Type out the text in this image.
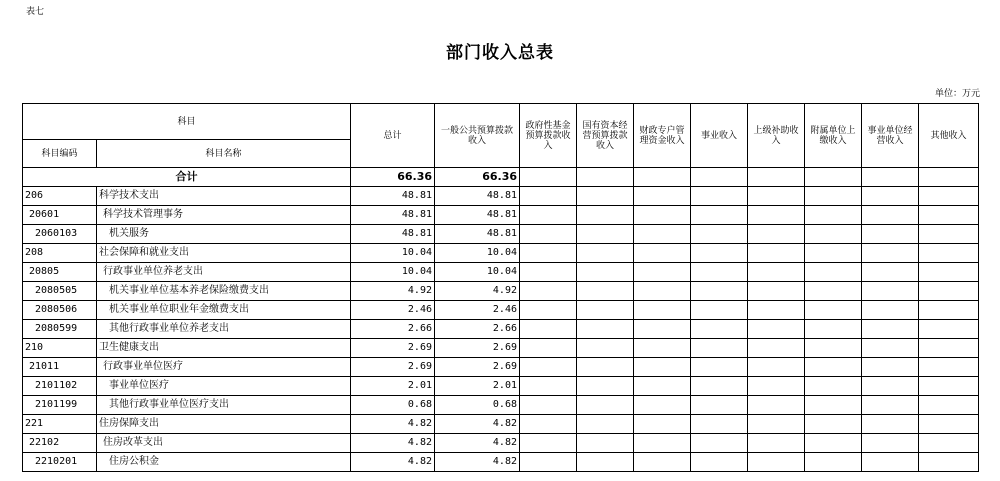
表七
部门收入总表
单位：万元
科目		总计	一般公共预算拨款收入	政府性基金预算拨款收入	国有资本经营预算拨款收入	财政专户管理资金收入	事业收入	上级补助收入	附属单位上缴收入	事业单位经营收入	其他收入
科目编码	科目名称										
合计		66.36	66.36								
206	科学技术支出	48.81	48.81								
20601	科学技术管理事务	48.81	48.81								
2060103	机关服务	48.81	48.81								
208	社会保障和就业支出	10.04	10.04								
20805	行政事业单位养老支出	10.04	10.04								
2080505	机关事业单位基本养老保险缴费支出	4.92	4.92								
2080506	机关事业单位职业年金缴费支出	2.46	2.46								
2080599	其他行政事业单位养老支出	2.66	2.66								
210	卫生健康支出	2.69	2.69								
21011	行政事业单位医疗	2.69	2.69								
2101102	事业单位医疗	2.01	2.01								
2101199	其他行政事业单位医疗支出	0.68	0.68								
221	住房保障支出	4.82	4.82								
22102	住房改革支出	4.82	4.82								
2210201	住房公积金	4.82	4.82								
